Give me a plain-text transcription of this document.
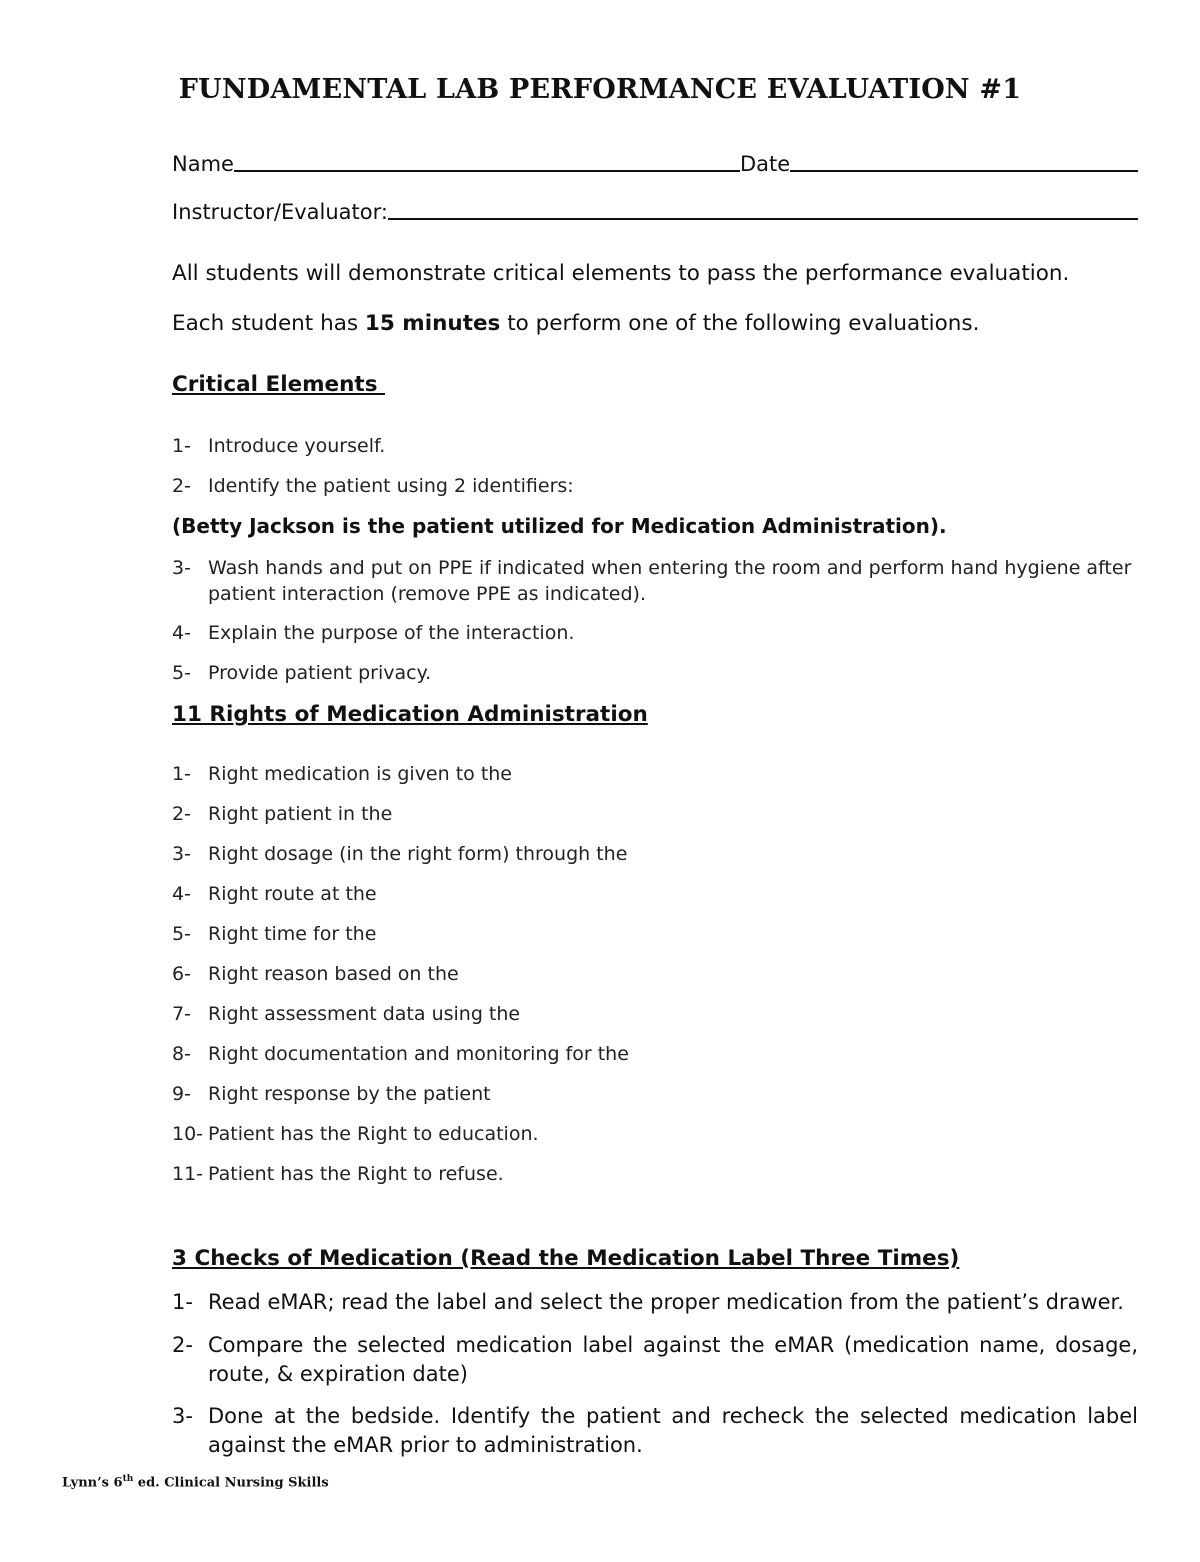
FUNDAMENTAL LAB PERFORMANCE EVALUATION #1
Name	Date
Instructor/Evaluator:
All students will demonstrate critical elements to pass the performance evaluation.
Each student has 15 minutes to perform one of the following evaluations.
Critical Elements
1- Introduce yourself.
2- Identify the patient using 2 identifiers:
(Betty Jackson is the patient utilized for Medication Administration).
3- Wash hands and put on PPE if indicated when entering the room and perform hand hygiene after patient interaction (remove PPE as indicated).
4- Explain the purpose of the interaction.
5- Provide patient privacy.
11 Rights of Medication Administration
1- Right medication is given to the
2- Right patient in the
3- Right dosage (in the right form) through the
4- Right route at the
5- Right time for the
6- Right reason based on the
7- Right assessment data using the
8- Right documentation and monitoring for the
9- Right response by the patient
10- Patient has the Right to education.
11- Patient has the Right to refuse.
3 Checks of Medication (Read the Medication Label Three Times)
1- Read eMAR; read the label and select the proper medication from the patient’s drawer.
2- Compare the selected medication label against the eMAR (medication name, dosage, route, & expiration date)
3- Done at the bedside. Identify the patient and recheck the selected medication label against the eMAR prior to administration.
Lynn’s 6th ed. Clinical Nursing Skills
